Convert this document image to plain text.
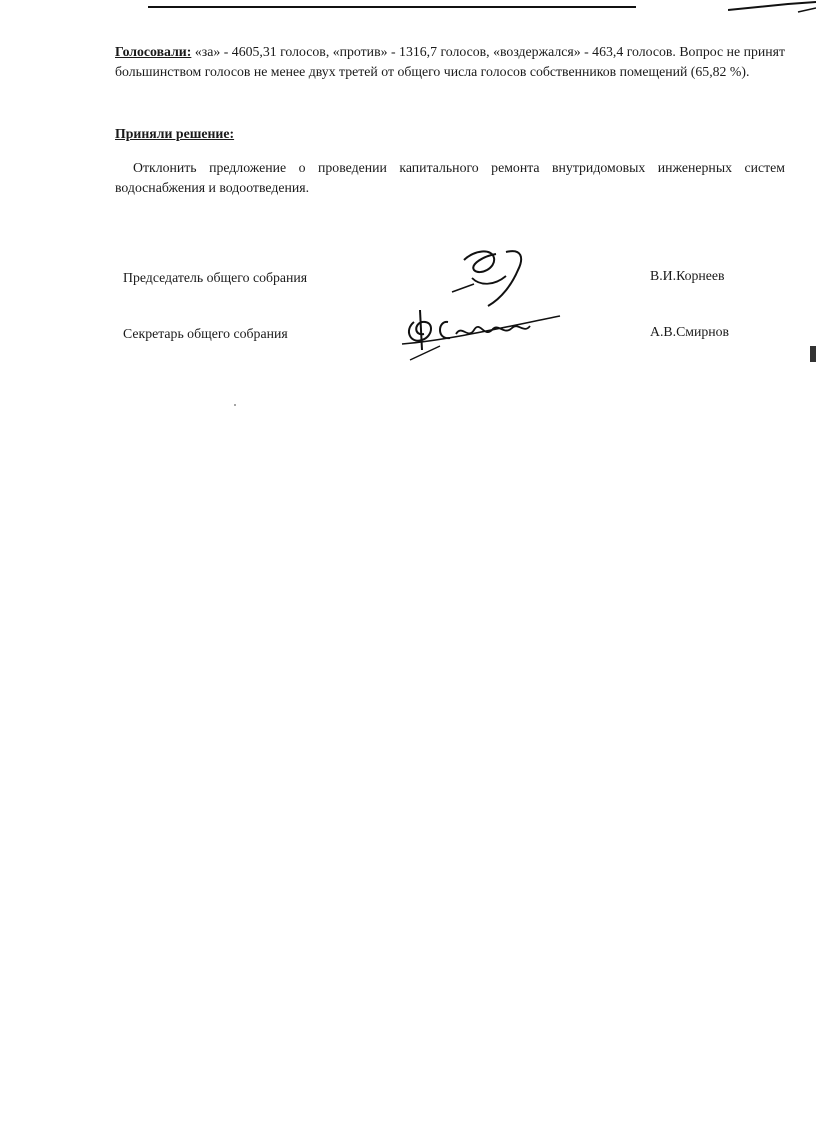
Голосовали: «за» - 4605,31 голосов, «против» - 1316,7 голосов, «воздержался» - 463,4 голосов. Вопрос не принят большинством голосов не менее двух третей от общего числа голосов собственников помещений (65,82 %).
Приняли решение:
Отклонить предложение о проведении капитального ремонта внутридомовых инженерных систем водоснабжения и водоотведения.
Председатель общего собрания	В.И.Корнеев
Секретарь общего собрания	А.В.Смирнов
